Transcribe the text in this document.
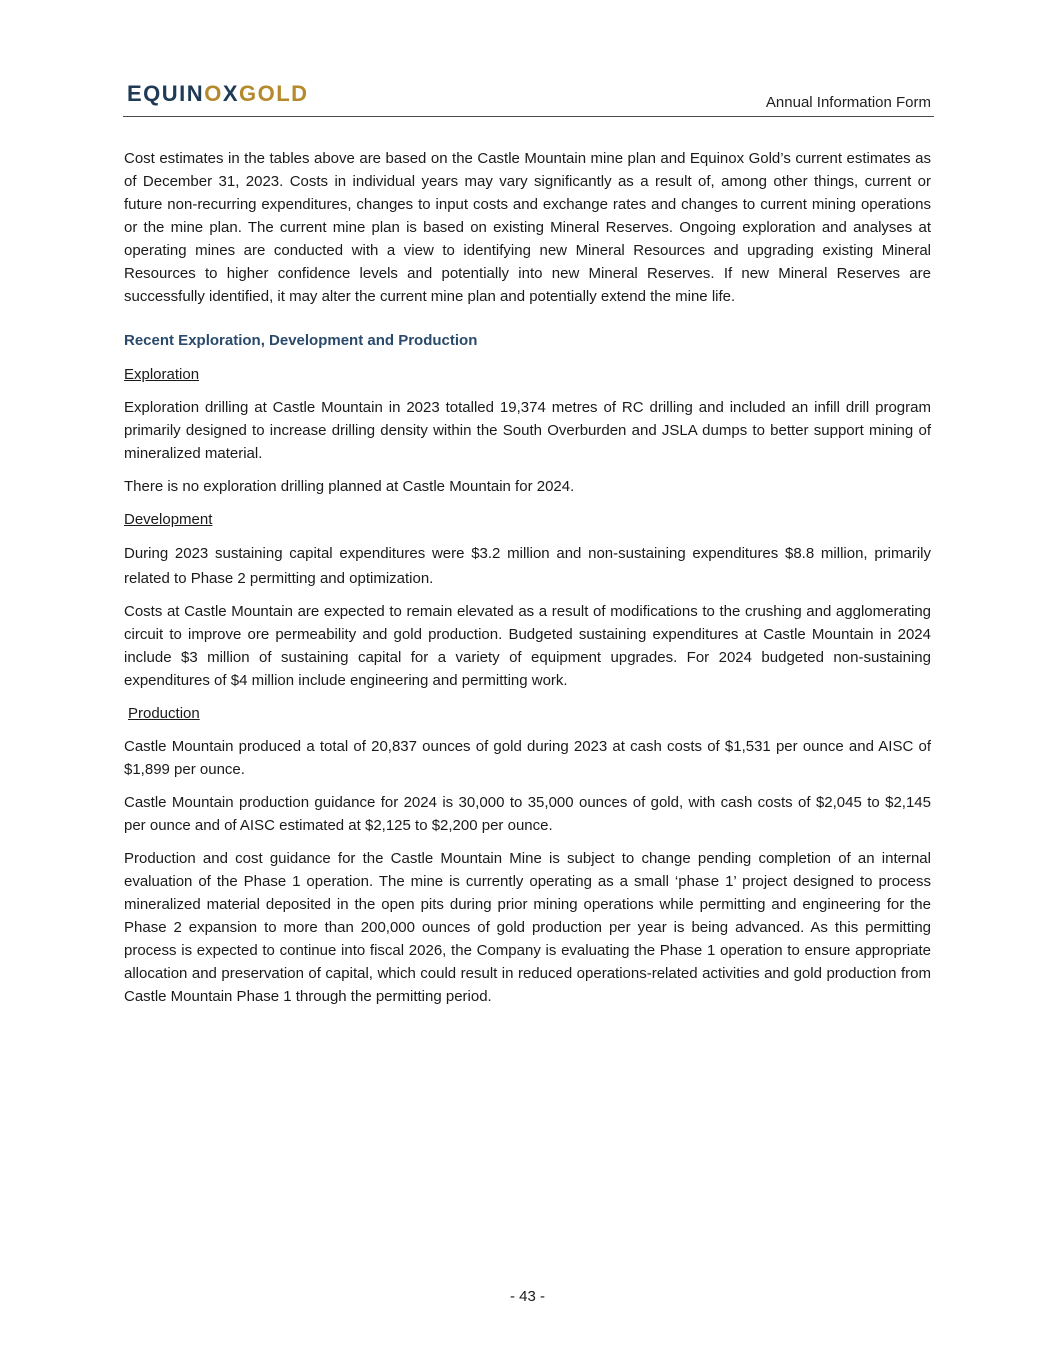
EQUINOXGOLD	Annual Information Form

Cost estimates in the tables above are based on the Castle Mountain mine plan and Equinox Gold’s current estimates as of December 31, 2023. Costs in individual years may vary significantly as a result of, among other things, current or future non-recurring expenditures, changes to input costs and exchange rates and changes to current mining operations or the mine plan. The current mine plan is based on existing Mineral Reserves. Ongoing exploration and analyses at operating mines are conducted with a view to identifying new Mineral Resources and upgrading existing Mineral Resources to higher confidence levels and potentially into new Mineral Reserves. If new Mineral Reserves are successfully identified, it may alter the current mine plan and potentially extend the mine life.

Recent Exploration, Development and Production

Exploration

Exploration drilling at Castle Mountain in 2023 totalled 19,374 metres of RC drilling and included an infill drill program primarily designed to increase drilling density within the South Overburden and JSLA dumps to better support mining of mineralized material.

There is no exploration drilling planned at Castle Mountain for 2024.

Development

During 2023 sustaining capital expenditures were $3.2 million and non-sustaining expenditures $8.8 million, primarily related to Phase 2 permitting and optimization.

Costs at Castle Mountain are expected to remain elevated as a result of modifications to the crushing and agglomerating circuit to improve ore permeability and gold production. Budgeted sustaining expenditures at Castle Mountain in 2024 include $3 million of sustaining capital for a variety of equipment upgrades. For 2024 budgeted non-sustaining expenditures of $4 million include engineering and permitting work.

Production

Castle Mountain produced a total of 20,837 ounces of gold during 2023 at cash costs of $1,531 per ounce and AISC of $1,899 per ounce.

Castle Mountain production guidance for 2024 is 30,000 to 35,000 ounces of gold, with cash costs of $2,045 to $2,145 per ounce and of AISC estimated at $2,125 to $2,200 per ounce.

Production and cost guidance for the Castle Mountain Mine is subject to change pending completion of an internal evaluation of the Phase 1 operation. The mine is currently operating as a small ‘phase 1’ project designed to process mineralized material deposited in the open pits during prior mining operations while permitting and engineering for the Phase 2 expansion to more than 200,000 ounces of gold production per year is being advanced. As this permitting process is expected to continue into fiscal 2026, the Company is evaluating the Phase 1 operation to ensure appropriate allocation and preservation of capital, which could result in reduced operations-related activities and gold production from Castle Mountain Phase 1 through the permitting period.

- 43 -
